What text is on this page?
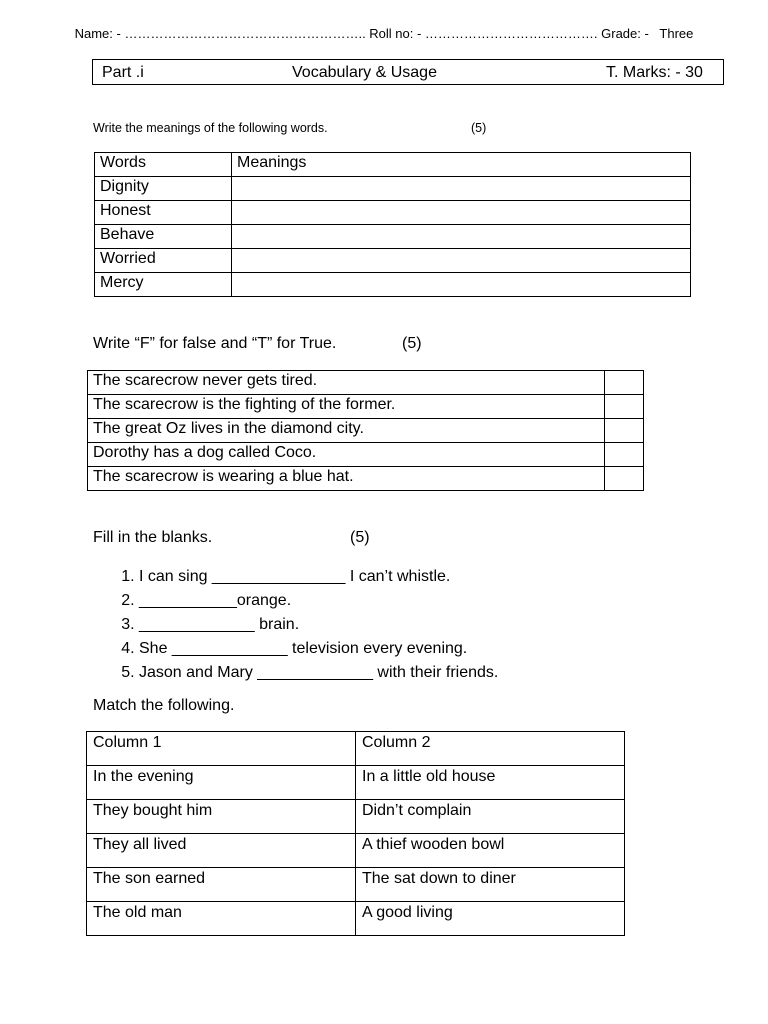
Name: - ……………………………………………….. Roll no: - …………………………………. Grade: -   Three
Part .i	Vocabulary & Usage	T. Marks: - 30
Write the meanings of the following words.	(5)
Words	Meanings
Dignity	
Honest	
Behave	
Worried	
Mercy	
Write “F” for false and “T” for True.	(5)
The scarecrow never gets tired.	
The scarecrow is the fighting of the former.	
The great Oz lives in the diamond city.	
Dorothy has a dog called Coco.	
The scarecrow is wearing a blue hat.	
Fill in the blanks.	(5)
1. I can sing _______________ I can’t whistle.
2. ___________orange.
3. _____________ brain.
4. She _____________ television every evening.
5. Jason and Mary _____________ with their friends.
Match the following.
Column 1	Column 2
In the evening	In a little old house
They bought him	Didn’t complain
They all lived	A thief wooden bowl
The son earned	The sat down to diner
The old man	A good living
